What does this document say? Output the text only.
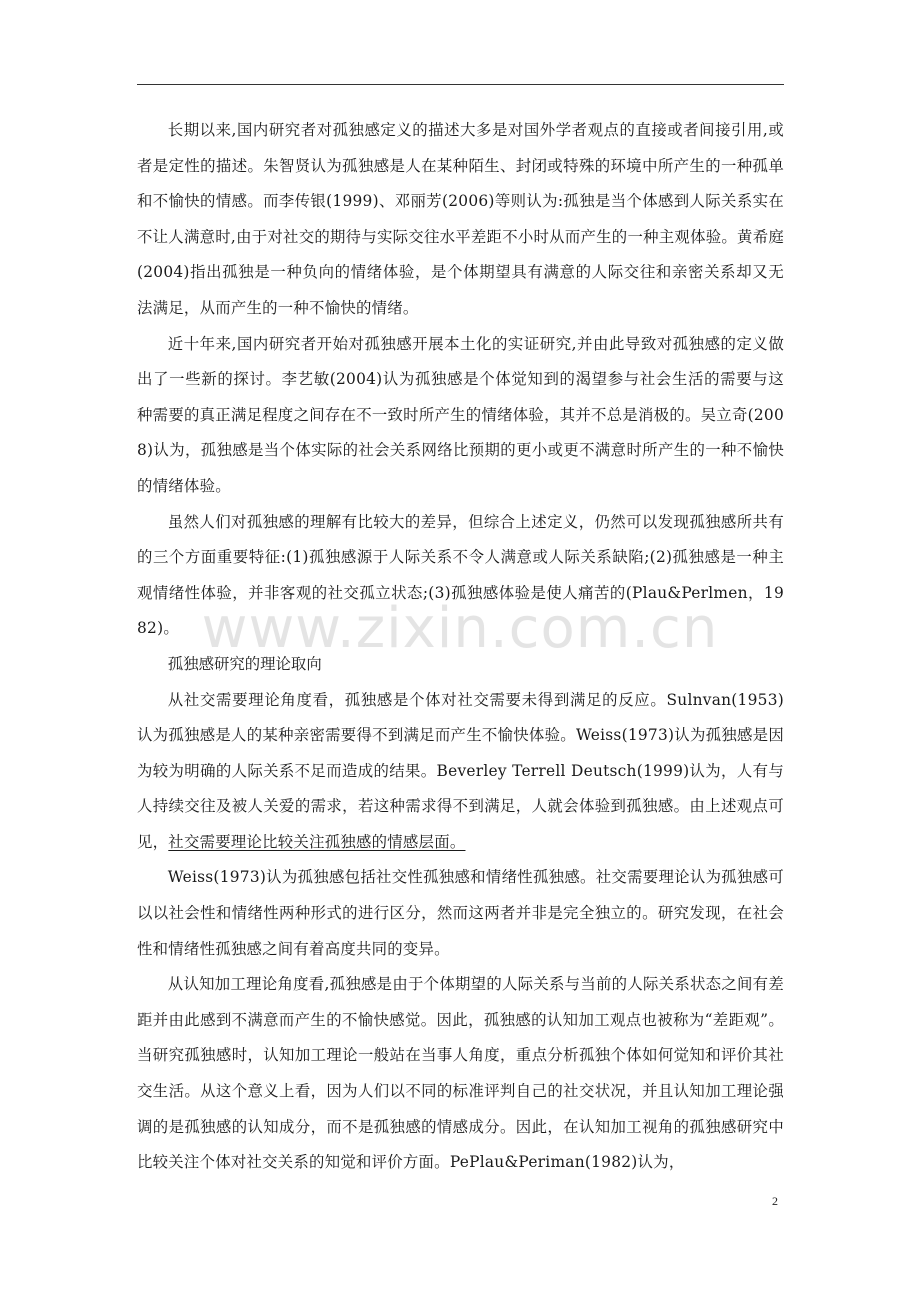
长期以来,国内研究者对孤独感定义的描述大多是对国外学者观点的直接或者间接引用,或者是定性的描述。朱智贤认为孤独感是人在某种陌生、封闭或特殊的环境中所产生的一种孤单和不愉快的情感。而李传银(1999)、邓丽芳(2006)等则认为:孤独是当个体感到人际关系实在不让人满意时,由于对社交的期待与实际交往水平差距不小时从而产生的一种主观体验。黄希庭(2004)指出孤独是一种负向的情绪体验，是个体期望具有满意的人际交往和亲密关系却又无法满足，从而产生的一种不愉快的情绪。

近十年来,国内研究者开始对孤独感开展本土化的实证研究,并由此导致对孤独感的定义做出了一些新的探讨。李艺敏(2004)认为孤独感是个体觉知到的渴望参与社会生活的需要与这种需要的真正满足程度之间存在不一致时所产生的情绪体验，其并不总是消极的。吴立奇(2008)认为，孤独感是当个体实际的社会关系网络比预期的更小或更不满意时所产生的一种不愉快的情绪体验。

虽然人们对孤独感的理解有比较大的差异，但综合上述定义，仍然可以发现孤独感所共有的三个方面重要特征:(1)孤独感源于人际关系不令人满意或人际关系缺陷;(2)孤独感是一种主观情绪性体验，并非客观的社交孤立状态;(3)孤独感体验是使人痛苦的(Plau&Perlmen，1982)。

孤独感研究的理论取向

从社交需要理论角度看，孤独感是个体对社交需要未得到满足的反应。Sulnvan(1953)认为孤独感是人的某种亲密需要得不到满足而产生不愉快体验。Weiss(1973)认为孤独感是因为较为明确的人际关系不足而造成的结果。Beverley Terrell Deutsch(1999)认为，人有与人持续交往及被人关爱的需求，若这种需求得不到满足，人就会体验到孤独感。由上述观点可见，社交需要理论比较关注孤独感的情感层面。

Weiss(1973)认为孤独感包括社交性孤独感和情绪性孤独感。社交需要理论认为孤独感可以以社会性和情绪性两种形式的进行区分，然而这两者并非是完全独立的。研究发现，在社会性和情绪性孤独感之间有着高度共同的变异。

从认知加工理论角度看,孤独感是由于个体期望的人际关系与当前的人际关系状态之间有差距并由此感到不满意而产生的不愉快感觉。因此，孤独感的认知加工观点也被称为“差距观”。当研究孤独感时，认知加工理论一般站在当事人角度，重点分析孤独个体如何觉知和评价其社交生活。从这个意义上看，因为人们以不同的标准评判自己的社交状况，并且认知加工理论强调的是孤独感的认知成分，而不是孤独感的情感成分。因此，在认知加工视角的孤独感研究中比较关注个体对社交关系的知觉和评价方面。PePlau&Periman(1982)认为，

www.zixin.com.cn
2
